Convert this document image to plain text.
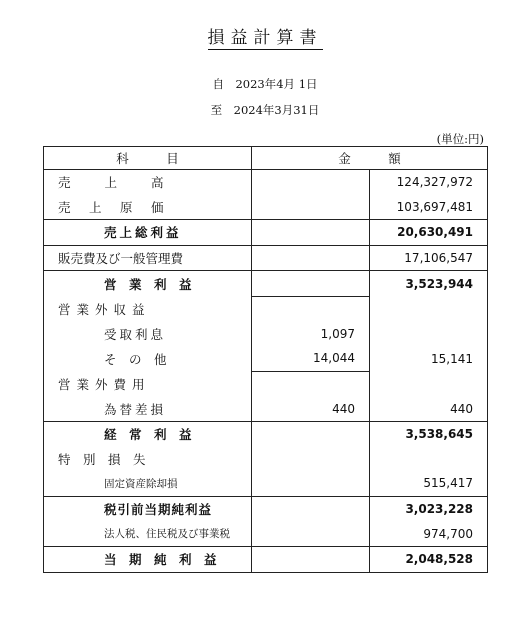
損益計算書
自　2023年4月 1日
至　2024年3月31日
(単位:円)
科　　　目	金　　　額	
売　　上　　高		124,327,972
売　上　原　価		103,697,481
売上総利益		20,630,491
販売費及び一般管理費		17,106,547
営　業　利　益		3,523,944
営業外収益		
受取利息	1,097	
そ　の　他	14,044	15,141
営業外費用		
為替差損	440	440
経　常　利　益		3,538,645
特　別　損　失		
固定資産除却損		515,417
税引前当期純利益		3,023,228
法人税、住民税及び事業税		974,700
当　期　純　利　益		2,048,528
